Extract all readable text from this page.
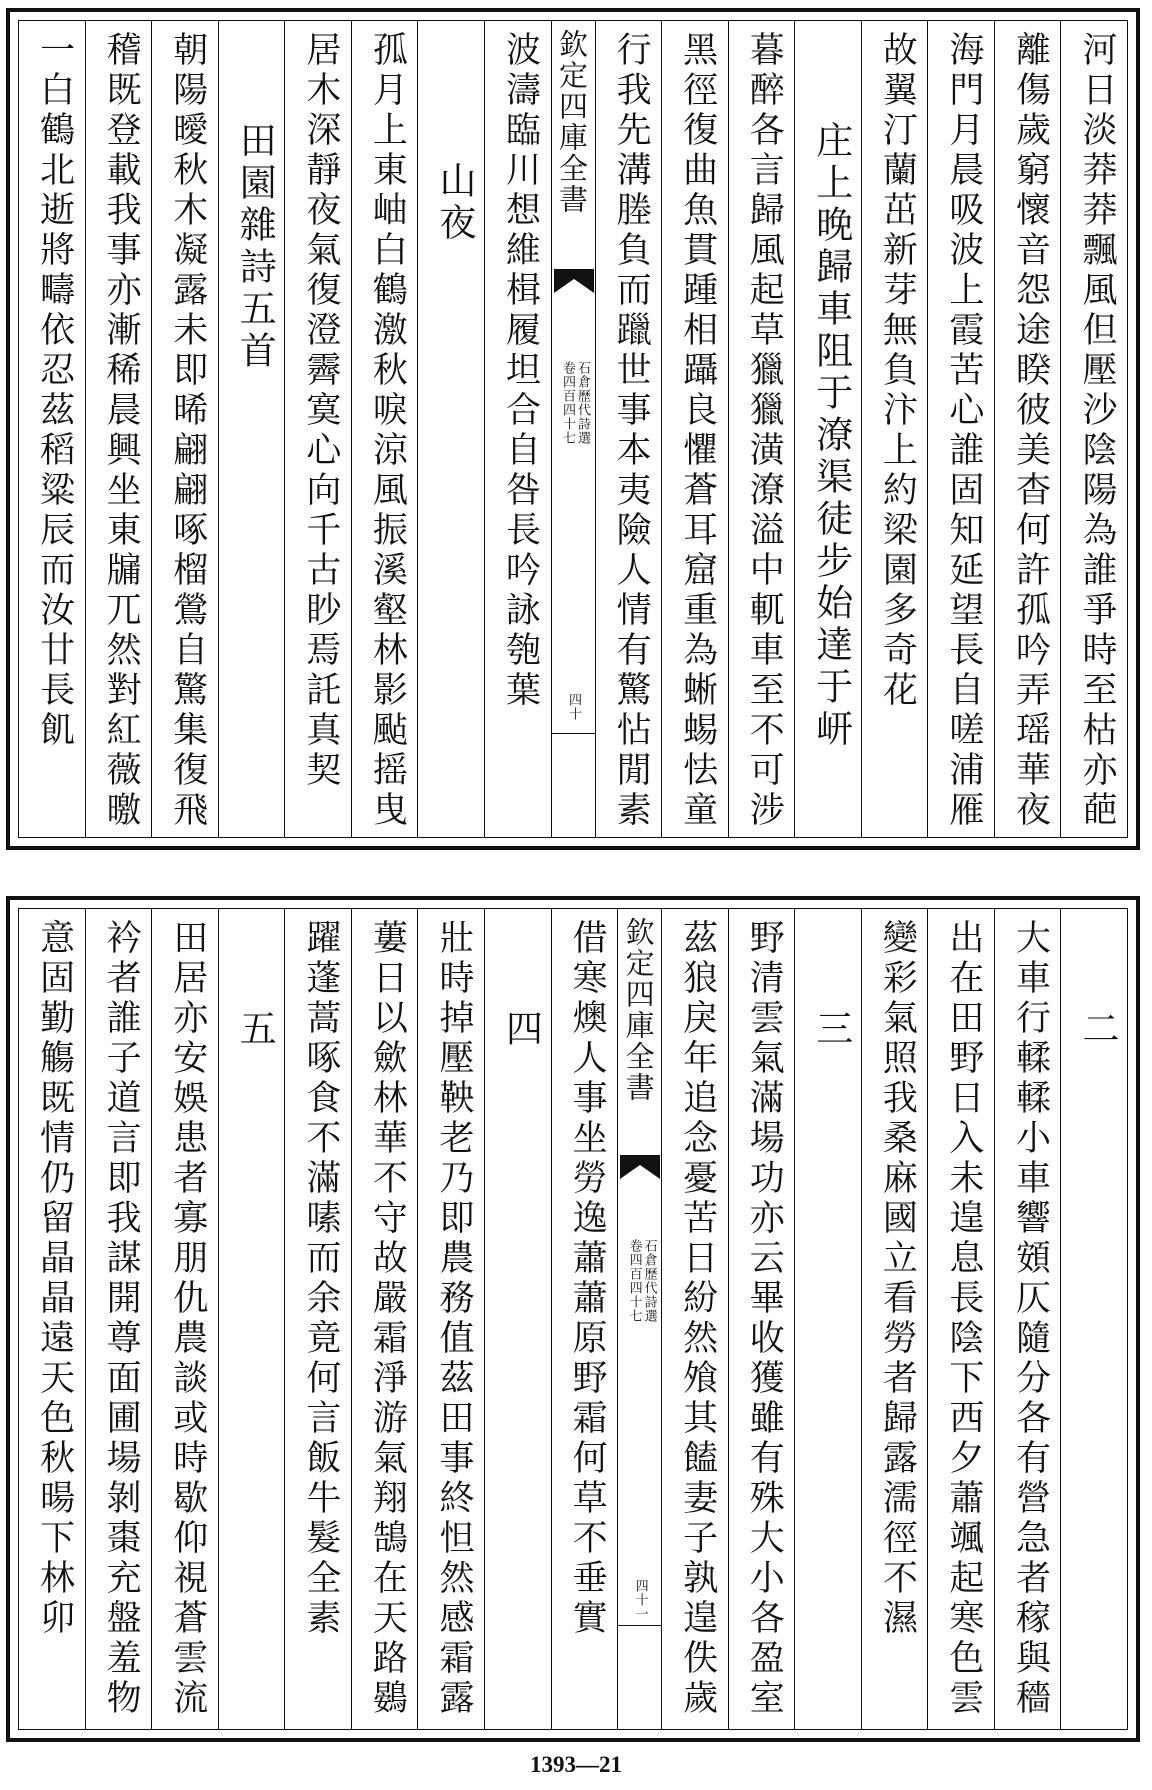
河日淡莽莽飄風但壓沙陰陽為誰爭時至枯亦葩
離傷歲窮懷音怨途睽彼美杳何許孤吟弄瑶華夜
海門月晨吸波上霞苦心誰固知延望長自嗟浦雁
故翼汀蘭茁新芽無負汴上約梁園多奇花
庄上晚歸車阻于潦渠徒步始達于岍
暮醉各言歸風起草獵獵潢潦溢中軏車至不可涉
黑徑復曲魚貫踵相躡良懼蒼耳窟重為蜥蜴怯童
行我先溝塍負而躐世事本夷險人情有驚怗閒素
欽定四庫全書
石倉歷代詩選
卷四百四十七
四十
波濤臨川想維楫履坦合自咎長吟詠匏葉
山夜
孤月上東岫白鶴激秋唳涼風振溪壑林影颭摇曳
居木深靜夜氣復澄霽寞心向千古眇焉託真契
田園雜詩五首
朝陽曖秋木凝露未即晞翩翩啄榴鶯自驚集復飛
稽既登載我事亦漸稀晨興坐東牖兀然對紅薇曒
一白鶴北逝將疇依忍茲稻粱辰而汝廿長飢
二
大車行輮輮小車響頞仄隨分各有營急者稼與穡
出在田野日入未遑息長陰下西夕蕭颯起寒色雲
變彩氣照我桑麻國立看勞者歸露濡徑不濕
三
野清雲氣滿場功亦云畢收獲雖有殊大小各盈室
茲狼戾年追念憂苦日紛然飧其饁妻子孰遑佚歲
欽定四庫全書
石倉歷代詩選
卷四百四十七
四十一
借寒燠人事坐勞逸蕭蕭原野霜何草不垂實
四
壯時掉壓鞅老乃即農務值茲田事終怛然感霜露
蔞日以歛林華不守故嚴霜淨游氣翔鵠在天路鷃
躍蓬蒿啄食不滿嗉而余竟何言飯牛髮全素
五
田居亦安娛患者寡朋仇農談或時歇仰視蒼雲流
衿者誰子道言即我謀開尊面圃場剝棗充盤羞物
意固勤觴既情仍留晶晶遠天色秋暘下林卯
1393—21
